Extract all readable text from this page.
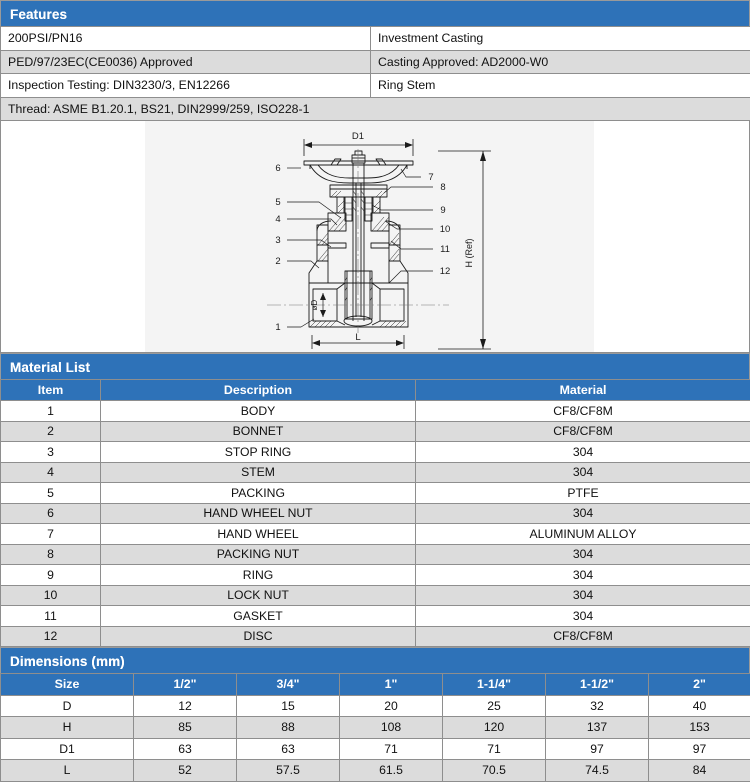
Features
200PSI/PN16	Investment Casting
PED/97/23EC(CE0036) Approved	Casting Approved: AD2000-W0
Inspection Testing: DIN3230/3, EN12266	Ring Stem
Thread: ASME B1.20.1, BS21, DIN2999/259, ISO228-1	
D1
H (Ref)
L
øD
6
5
4
3
2
1
7
8
9
10
11
12
Material List
Item	Description	Material
1	BODY	CF8/CF8M
2	BONNET	CF8/CF8M
3	STOP RING	304
4	STEM	304
5	PACKING	PTFE
6	HAND WHEEL NUT	304
7	HAND WHEEL	ALUMINUM ALLOY
8	PACKING NUT	304
9	RING	304
10	LOCK NUT	304
11	GASKET	304
12	DISC	CF8/CF8M
Dimensions (mm)
Size	1/2"	3/4"	1"	1-1/4"	1-1/2"	2"
D	12	15	20	25	32	40
H	85	88	108	120	137	153
D1	63	63	71	71	97	97
L	52	57.5	61.5	70.5	74.5	84
